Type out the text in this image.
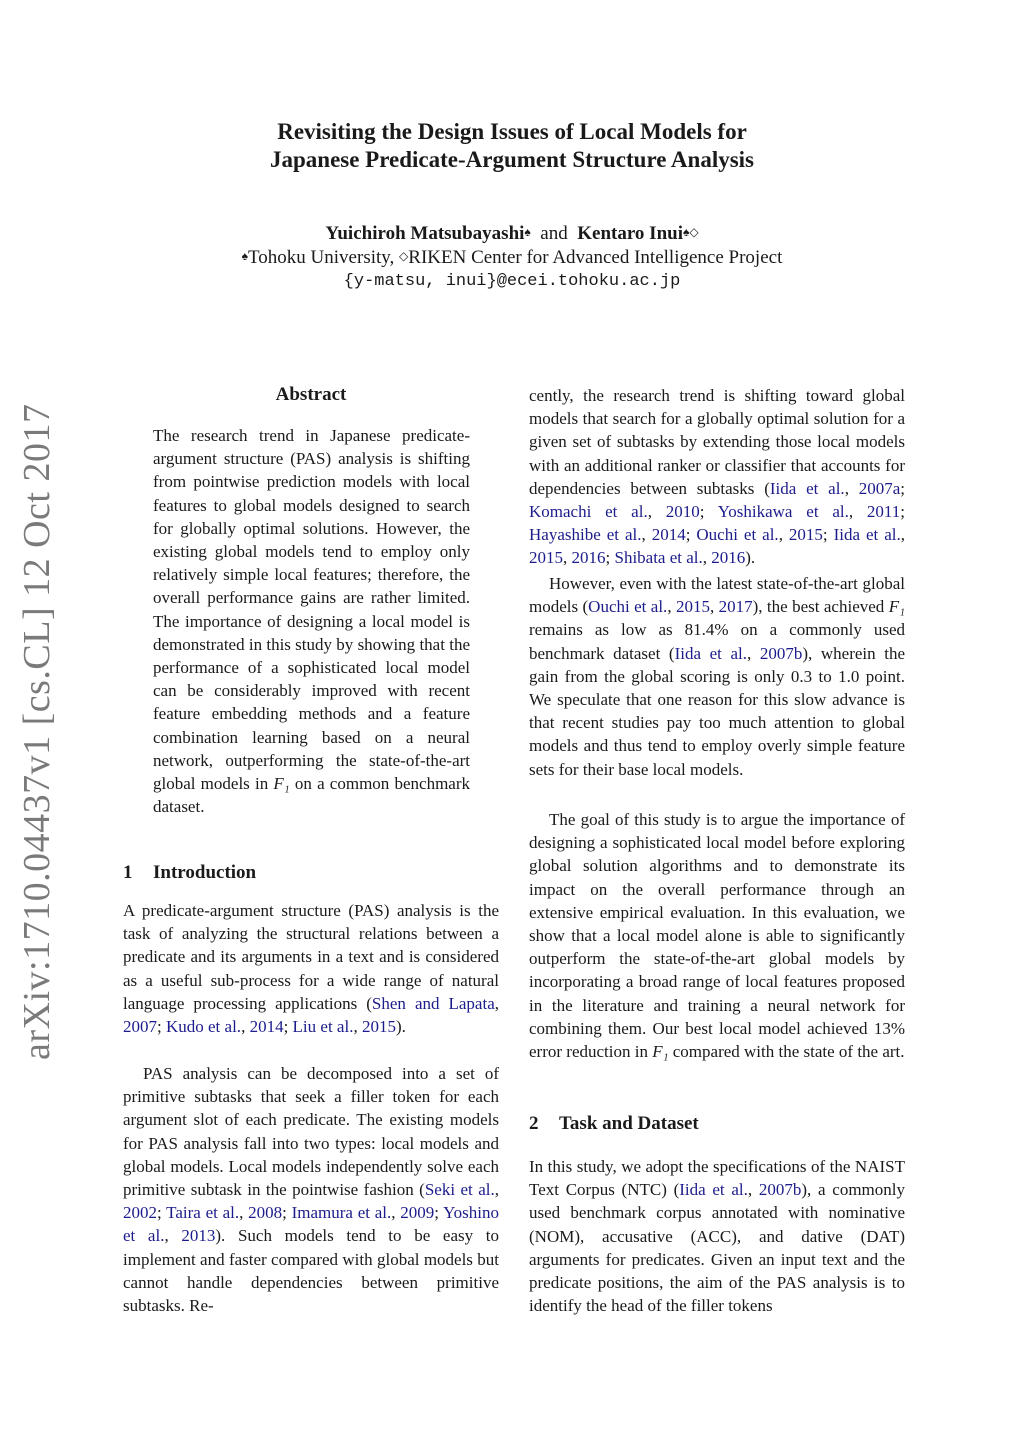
Revisiting the Design Issues of Local Models for
Japanese Predicate-Argument Structure Analysis
Yuichiroh Matsubayashi♠ and Kentaro Inui♠◇
♠Tohoku University, ◇RIKEN Center for Advanced Intelligence Project
{y-matsu, inui}@ecei.tohoku.ac.jp
arXiv:1710.04437v1 [cs.CL] 12 Oct 2017
Abstract

The research trend in Japanese predicate-argument structure (PAS) analysis is shifting from pointwise prediction models with local features to global models designed to search for globally optimal solutions. However, the existing global models tend to employ only relatively simple local features; therefore, the overall performance gains are rather limited. The importance of designing a local model is demonstrated in this study by showing that the performance of a sophisticated local model can be considerably improved with recent feature embedding methods and a feature combination learning based on a neural network, outperforming the state-of-the-art global models in F₁ on a common benchmark dataset.

1 Introduction

A predicate-argument structure (PAS) analysis is the task of analyzing the structural relations between a predicate and its arguments in a text and is considered as a useful sub-process for a wide range of natural language processing applications (Shen and Lapata, 2007; Kudo et al., 2014; Liu et al., 2015).

PAS analysis can be decomposed into a set of primitive subtasks that seek a filler token for each argument slot of each predicate. The existing models for PAS analysis fall into two types: local models and global models. Local models independently solve each primitive subtask in the pointwise fashion (Seki et al., 2002; Taira et al., 2008; Imamura et al., 2009; Yoshino et al., 2013). Such models tend to be easy to implement and faster compared with global models but cannot handle dependencies between primitive subtasks. Re-

cently, the research trend is shifting toward global models that search for a globally optimal solution for a given set of subtasks by extending those local models with an additional ranker or classifier that accounts for dependencies between subtasks (Iida et al., 2007a; Komachi et al., 2010; Yoshikawa et al., 2011; Hayashibe et al., 2014; Ouchi et al., 2015; Iida et al., 2015, 2016; Shibata et al., 2016).

However, even with the latest state-of-the-art global models (Ouchi et al., 2015, 2017), the best achieved F₁ remains as low as 81.4% on a commonly used benchmark dataset (Iida et al., 2007b), wherein the gain from the global scoring is only 0.3 to 1.0 point. We speculate that one reason for this slow advance is that recent studies pay too much attention to global models and thus tend to employ overly simple feature sets for their base local models.

The goal of this study is to argue the importance of designing a sophisticated local model before exploring global solution algorithms and to demonstrate its impact on the overall performance through an extensive empirical evaluation. In this evaluation, we show that a local model alone is able to significantly outperform the state-of-the-art global models by incorporating a broad range of local features proposed in the literature and training a neural network for combining them. Our best local model achieved 13% error reduction in F₁ compared with the state of the art.

2 Task and Dataset

In this study, we adopt the specifications of the NAIST Text Corpus (NTC) (Iida et al., 2007b), a commonly used benchmark corpus annotated with nominative (NOM), accusative (ACC), and dative (DAT) arguments for predicates. Given an input text and the predicate positions, the aim of the PAS analysis is to identify the head of the filler tokens
